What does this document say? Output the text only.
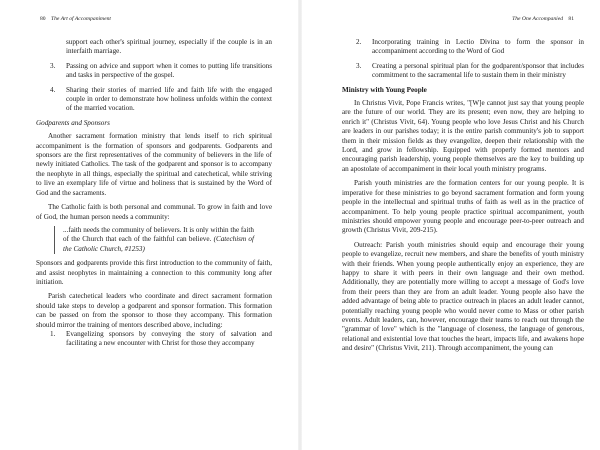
80 The Art of Accompaniment

support each other's spiritual journey, especially if the couple is in an interfaith marriage.

3. Passing on advice and support when it comes to putting life transitions and tasks in perspective of the gospel.
4. Sharing their stories of married life and faith life with the engaged couple in order to demonstrate how holiness unfolds within the context of the married vocation.

Godparents and Sponsors

Another sacrament formation ministry that lends itself to rich spiritual accompaniment is the formation of sponsors and godparents. Godparents and sponsors are the first representatives of the community of believers in the life of newly initiated Catholics. The task of the godparent and sponsor is to accompany the neophyte in all things, especially the spiritual and catechetical, while striving to live an exemplary life of virtue and holiness that is sustained by the Word of God and the sacraments.

The Catholic faith is both personal and communal. To grow in faith and love of God, the human person needs a community:

...faith needs the community of believers. It is only within the faith of the Church that each of the faithful can believe. (Catechism of the Catholic Church, #1253)

Sponsors and godparents provide this first introduction to the community of faith, and assist neophytes in maintaining a connection to this community long after initiation.

Parish catechetical leaders who coordinate and direct sacrament formation should take steps to develop a godparent and sponsor formation. This formation can be passed on from the sponsor to those they accompany. This formation should mirror the training of mentors described above, including:

1. Evangelizing sponsors by conveying the story of salvation and facilitating a new encounter with Christ for those they accompany
The One Accompanied 81
2. Incorporating training in Lectio Divina to form the sponsor in accompaniment according to the Word of God
3. Creating a personal spiritual plan for the godparent/sponsor that includes commitment to the sacramental life to sustain them in their ministry

Ministry with Young People

In Christus Vivit, Pope Francis writes, "[W]e cannot just say that young people are the future of our world. They are its present; even now, they are helping to enrich it" (Christus Vivit, 64). Young people who love Jesus Christ and his Church are leaders in our parishes today; it is the entire parish community's job to support them in their mission fields as they evangelize, deepen their relationship with the Lord, and grow in fellowship. Equipped with properly formed mentors and encouraging parish leadership, young people themselves are the key to building up an apostolate of accompaniment in their local youth ministry programs.

Parish youth ministries are the formation centers for our young people. It is imperative for these ministries to go beyond sacrament formation and form young people in the intellectual and spiritual truths of faith as well as in the practice of accompaniment. To help young people practice spiritual accompaniment, youth ministries should empower young people and encourage peer-to-peer outreach and growth (Christus Vivit, 209-215).

Outreach: Parish youth ministries should equip and encourage their young people to evangelize, recruit new members, and share the benefits of youth ministry with their friends. When young people authentically enjoy an experience, they are happy to share it with peers in their own language and their own method. Additionally, they are potentially more willing to accept a message of God's love from their peers than they are from an adult leader. Young people also have the added advantage of being able to practice outreach in places an adult leader cannot, potentially reaching young people who would never come to Mass or other parish events. Adult leaders, can, however, encourage their teams to reach out through the "grammar of love" which is the "language of closeness, the language of generous, relational and existential love that touches the heart, impacts life, and awakens hope and desire" (Christus Vivit, 211). Through accompaniment, the young can
